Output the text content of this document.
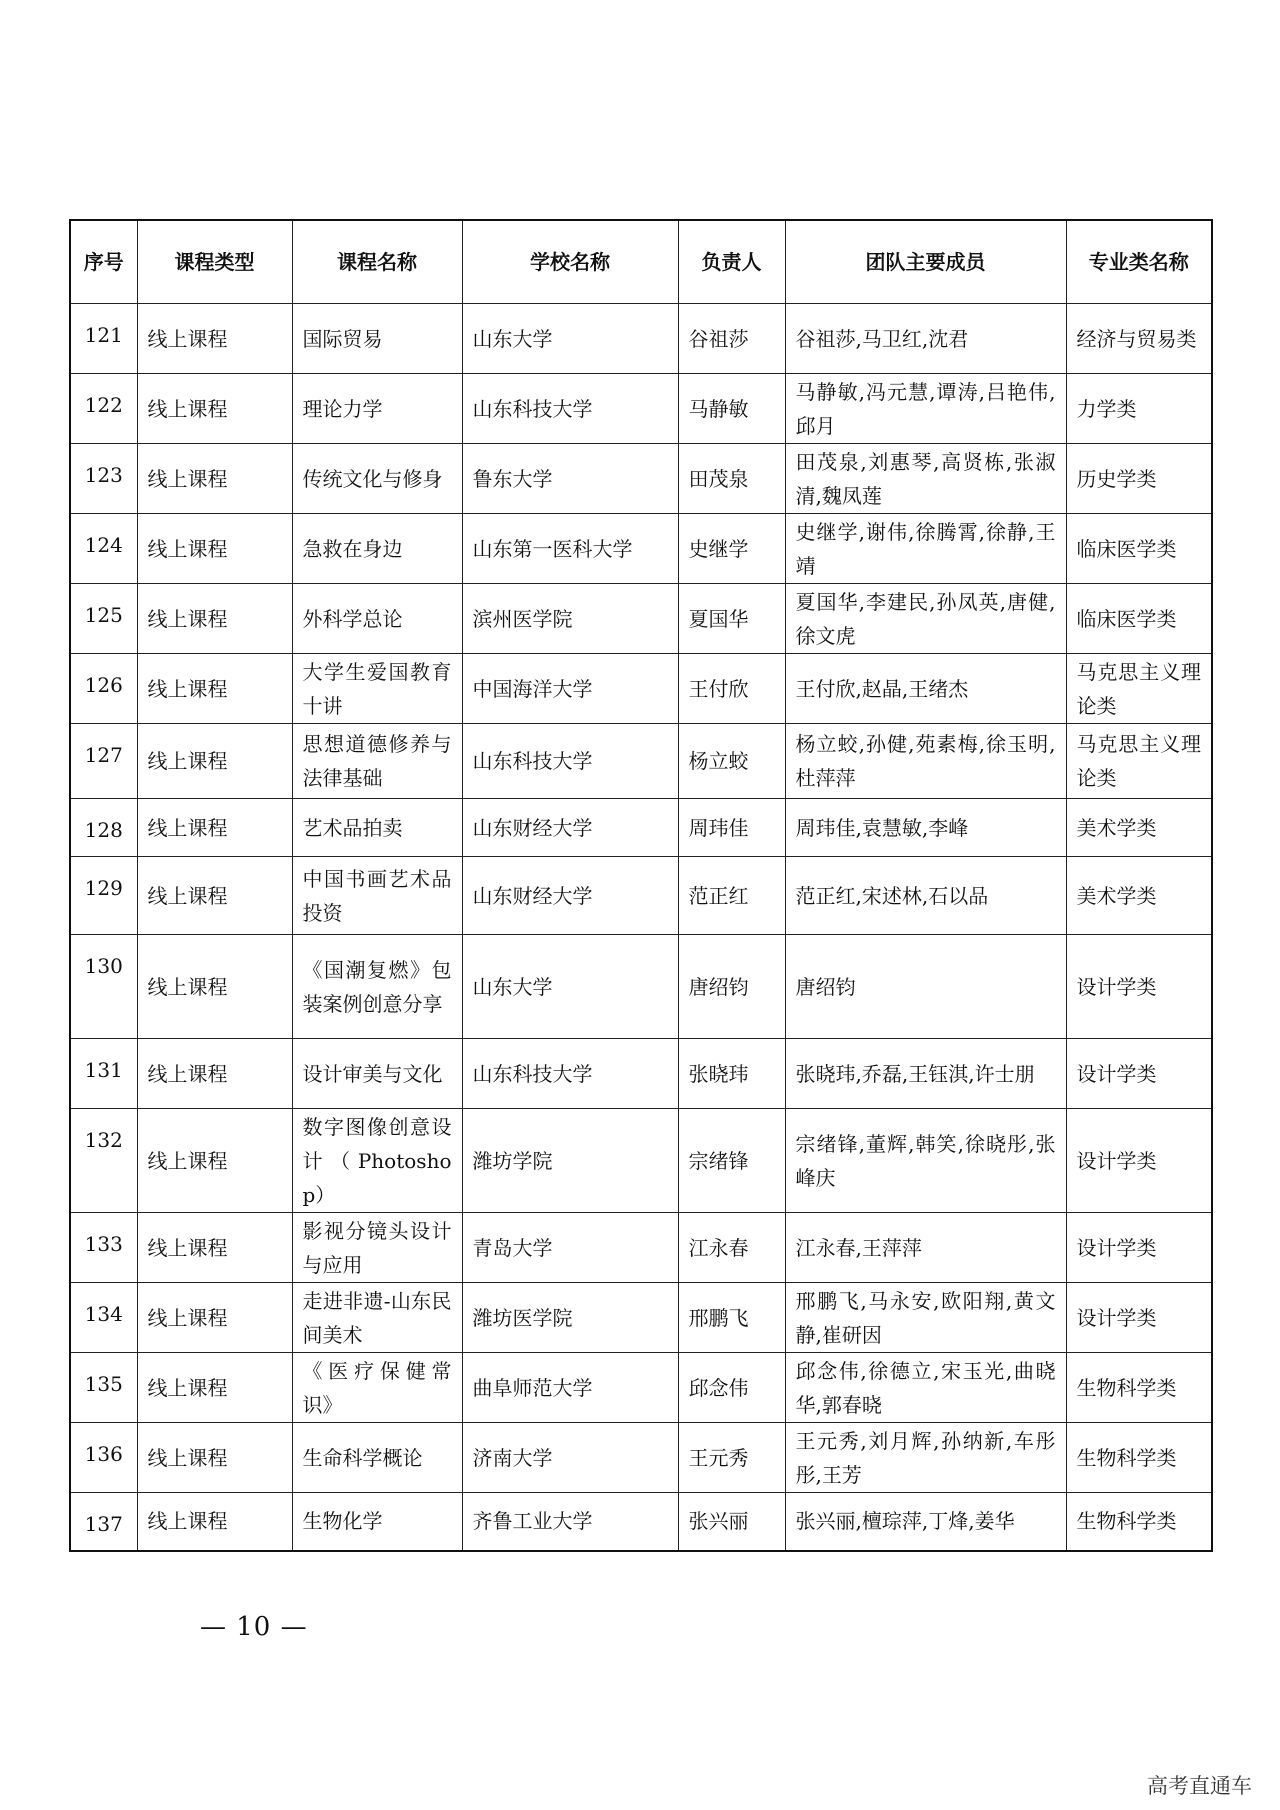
序号	课程类型	课程名称	学校名称	负责人	团队主要成员	专业类名称
121	线上课程	国际贸易	山东大学	谷祖莎	谷祖莎,马卫红,沈君	经济与贸易类
122	线上课程	理论力学	山东科技大学	马静敏	马静敏,冯元慧,谭涛,吕艳伟,邱月	力学类
123	线上课程	传统文化与修身	鲁东大学	田茂泉	田茂泉,刘惠琴,高贤栋,张淑清,魏凤莲	历史学类
124	线上课程	急救在身边	山东第一医科大学	史继学	史继学,谢伟,徐腾霄,徐静,王靖	临床医学类
125	线上课程	外科学总论	滨州医学院	夏国华	夏国华,李建民,孙凤英,唐健,徐文虎	临床医学类
126	线上课程	大学生爱国教育十讲	中国海洋大学	王付欣	王付欣,赵晶,王绪杰	马克思主义理论类
127	线上课程	思想道德修养与法律基础	山东科技大学	杨立蛟	杨立蛟,孙健,苑素梅,徐玉明,杜萍萍	马克思主义理论类
128	线上课程	艺术品拍卖	山东财经大学	周玮佳	周玮佳,袁慧敏,李峰	美术学类
129	线上课程	中国书画艺术品投资	山东财经大学	范正红	范正红,宋述林,石以品	美术学类
130	线上课程	《国潮复燃》包装案例创意分享	山东大学	唐绍钧	唐绍钧	设计学类
131	线上课程	设计审美与文化	山东科技大学	张晓玮	张晓玮,乔磊,王钰淇,许士朋	设计学类
132	线上课程	数字图像创意设计（Photoshop）	潍坊学院	宗绪锋	宗绪锋,董辉,韩笑,徐晓彤,张峰庆	设计学类
133	线上课程	影视分镜头设计与应用	青岛大学	江永春	江永春,王萍萍	设计学类
134	线上课程	走进非遗-山东民间美术	潍坊医学院	邢鹏飞	邢鹏飞,马永安,欧阳翔,黄文静,崔研因	设计学类
135	线上课程	《医疗保健常识》	曲阜师范大学	邱念伟	邱念伟,徐德立,宋玉光,曲晓华,郭春晓	生物科学类
136	线上课程	生命科学概论	济南大学	王元秀	王元秀,刘月辉,孙纳新,车彤彤,王芳	生物科学类
137	线上课程	生物化学	齐鲁工业大学	张兴丽	张兴丽,檀琮萍,丁烽,姜华	生物科学类
— 10 —
高考直通车
